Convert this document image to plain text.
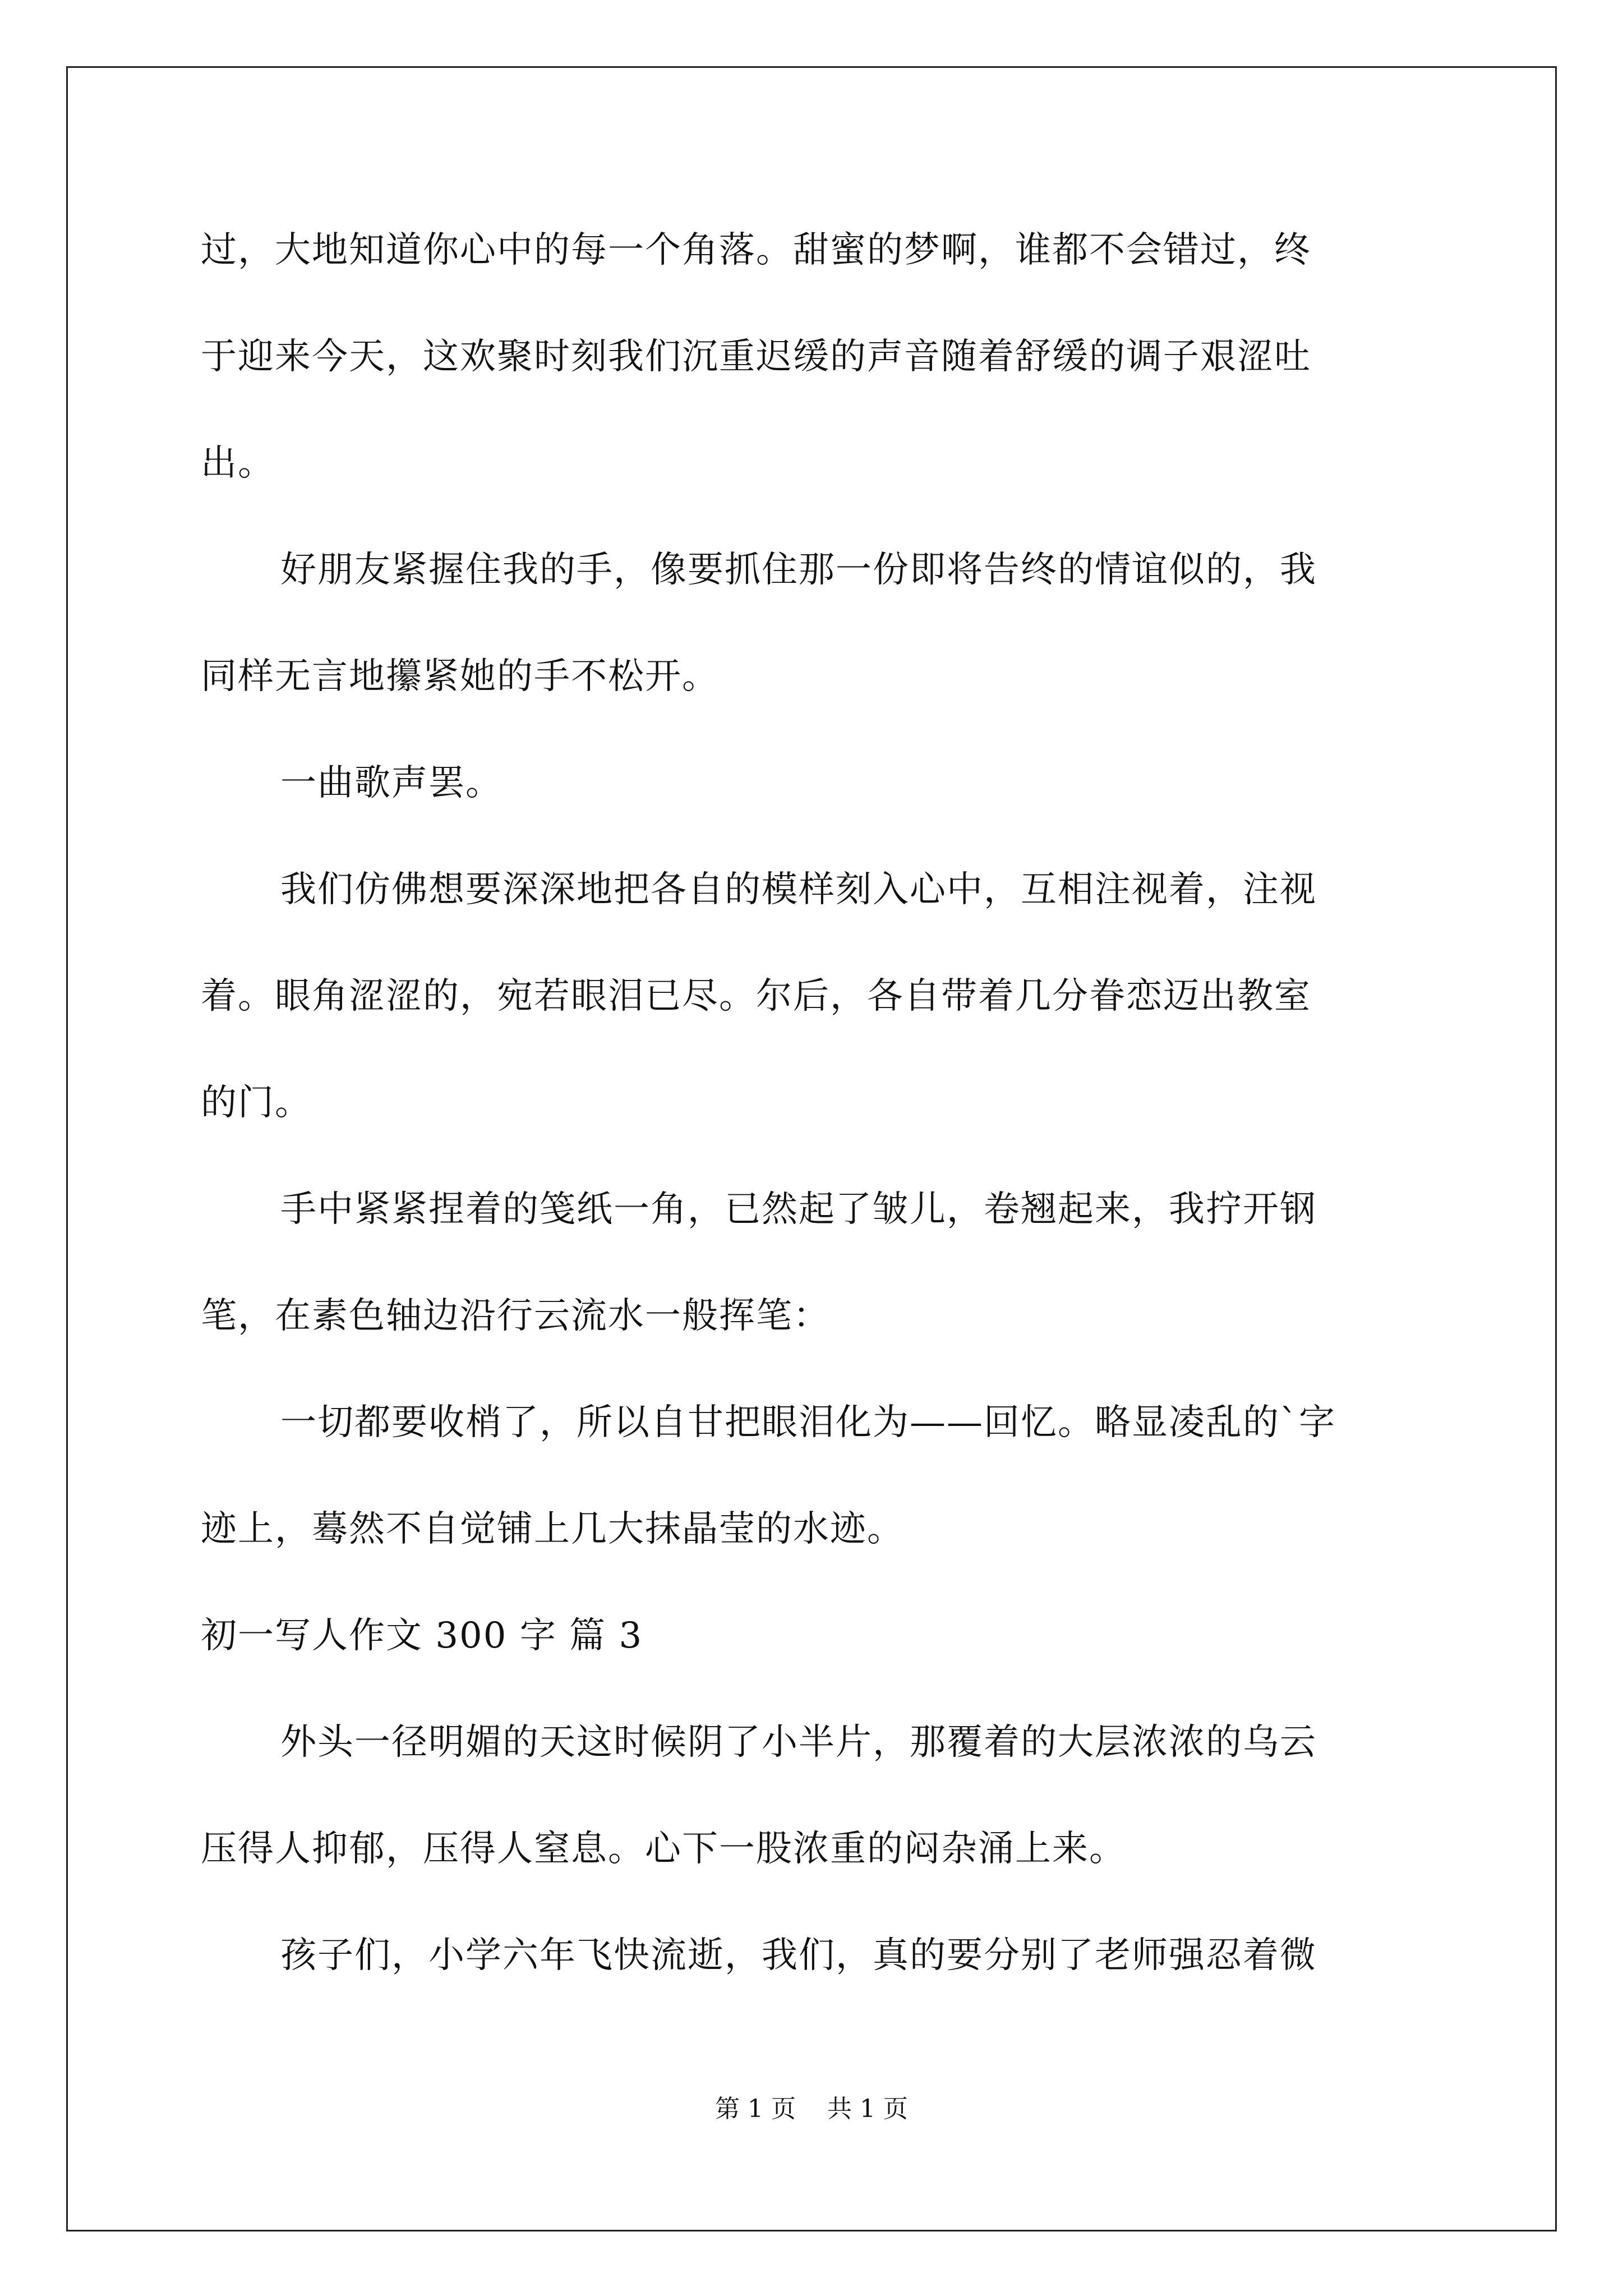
过，大地知道你心中的每一个角落。甜蜜的梦啊，谁都不会错过，终
于迎来今天，这欢聚时刻我们沉重迟缓的声音随着舒缓的调子艰涩吐
出。
好朋友紧握住我的手，像要抓住那一份即将告终的情谊似的，我
同样无言地攥紧她的手不松开。
一曲歌声罢。
我们仿佛想要深深地把各自的模样刻入心中，互相注视着，注视
着。眼角涩涩的，宛若眼泪已尽。尔后，各自带着几分眷恋迈出教室
的门。
手中紧紧捏着的笺纸一角，已然起了皱儿，卷翘起来，我拧开钢
笔，在素色轴边沿行云流水一般挥笔：
一切都要收梢了，所以自甘把眼泪化为——回忆。略显凌乱的`字
迹上，蓦然不自觉铺上几大抹晶莹的水迹。
初一写人作文 300 字 篇 3
外头一径明媚的天这时候阴了小半片，那覆着的大层浓浓的乌云
压得人抑郁，压得人窒息。心下一股浓重的闷杂涌上来。
孩子们，小学六年飞快流逝，我们，真的要分别了老师强忍着微
第 1 页    共 1 页
